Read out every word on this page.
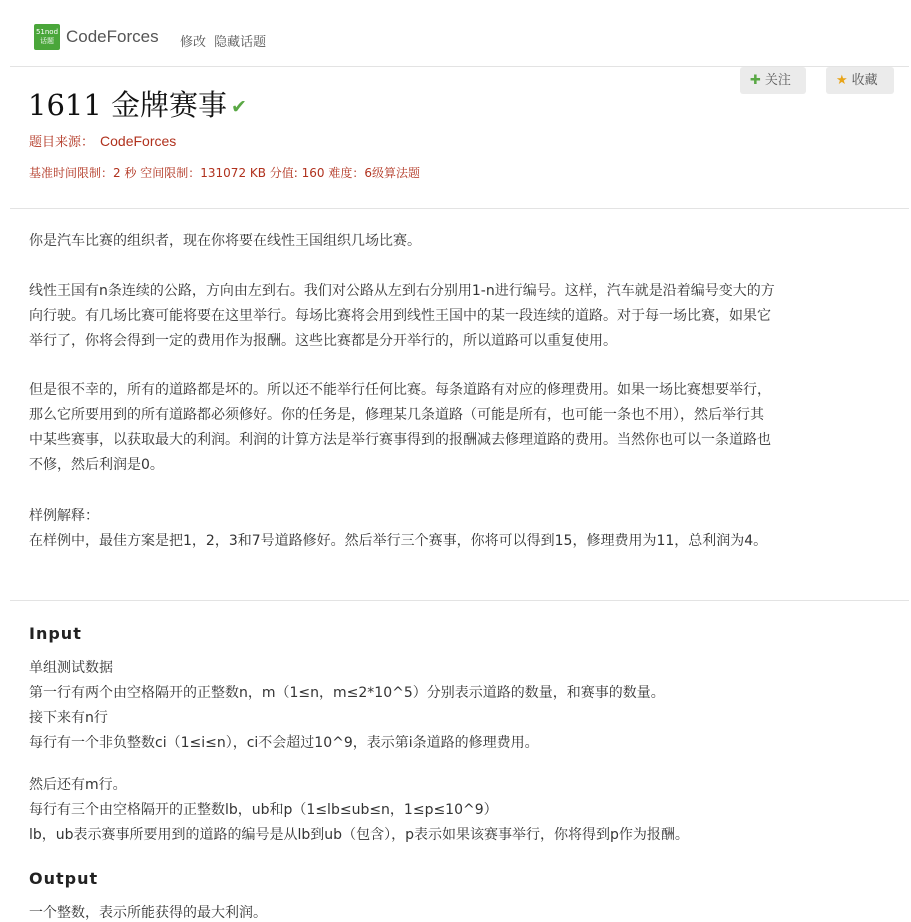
51nod
话题 CodeForces 修改 隐藏话题
✚ 关注	★ 收藏
1611 金牌赛事 ✔
题目来源： CodeForces
基准时间限制：2 秒 空间限制：131072 KB 分值: 160 难度：6级算法题

你是汽车比赛的组织者，现在你将要在线性王国组织几场比赛。

线性王国有n条连续的公路，方向由左到右。我们对公路从左到右分别用1-n进行编号。这样，汽车就是沿着编号变大的方

向行驶。有几场比赛可能将要在这里举行。每场比赛将会用到线性王国中的某一段连续的道路。对于每一场比赛，如果它

举行了，你将会得到一定的费用作为报酬。这些比赛都是分开举行的，所以道路可以重复使用。

但是很不幸的，所有的道路都是坏的。所以还不能举行任何比赛。每条道路有对应的修理费用。如果一场比赛想要举行，

那么它所要用到的所有道路都必须修好。你的任务是，修理某几条道路（可能是所有，也可能一条也不用），然后举行其

中某些赛事，以获取最大的利润。利润的计算方法是举行赛事得到的报酬减去修理道路的费用。当然你也可以一条道路也

不修，然后利润是0。

样例解释：

在样例中，最佳方案是把1，2，3和7号道路修好。然后举行三个赛事，你将可以得到15，修理费用为11，总利润为4。

Input

单组测试数据

第一行有两个由空格隔开的正整数n，m（1≤n，m≤2*10^5）分别表示道路的数量，和赛事的数量。

接下来有n行

每行有一个非负整数ci（1≤i≤n），ci不会超过10^9，表示第i条道路的修理费用。

然后还有m行。

每行有三个由空格隔开的正整数lb，ub和p（1≤lb≤ub≤n，1≤p≤10^9）

lb，ub表示赛事所要用到的道路的编号是从lb到ub（包含），p表示如果该赛事举行，你将得到p作为报酬。

Output
一个整数，表示所能获得的最大利润。
